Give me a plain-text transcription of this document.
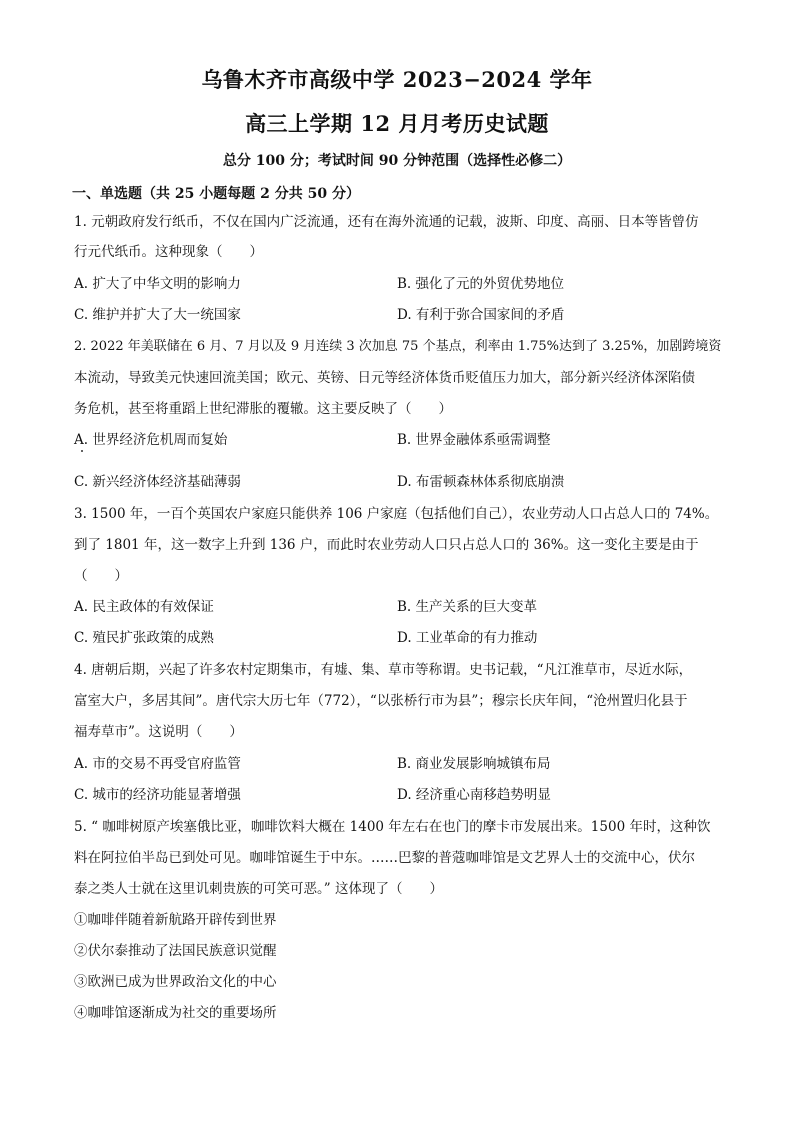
乌鲁木齐市高级中学 2023−2024 学年
高三上学期 12 月月考历史试题
总分 100 分；考试时间 90 分钟范围（选择性必修二）
一、单选题（共 25 小题每题 2 分共 50 分）
1. 元朝政府发行纸币，不仅在国内广泛流通，还有在海外流通的记载，波斯、印度、高丽、日本等皆曾仿
行元代纸币。这种现象（　　）
A. 扩大了中华文明的影响力	B. 强化了元的外贸优势地位
C. 维护并扩大了大一统国家	D. 有利于弥合国家间的矛盾
2. 2022 年美联储在 6 月、7 月以及 9 月连续 3 次加息 75 个基点，利率由 1.75%达到了 3.25%，加剧跨境资
本流动，导致美元快速回流美国；欧元、英镑、日元等经济体货币贬值压力加大，部分新兴经济体深陷债
务危机，甚至将重蹈上世纪滞胀的覆辙。这主要反映了（　　）
A. 世界经济危机周而复始	B. 世界金融体系亟需调整
C. 新兴经济体经济基础薄弱	D. 布雷顿森林体系彻底崩溃
3. 1500 年，一百个英国农户家庭只能供养 106 户家庭（包括他们自己），农业劳动人口占总人口的 74%。
到了 1801 年，这一数字上升到 136 户，而此时农业劳动人口只占总人口的 36%。这一变化主要是由于
（　　）
A. 民主政体的有效保证	B. 生产关系的巨大变革
C. 殖民扩张政策的成熟	D. 工业革命的有力推动
4. 唐朝后期，兴起了许多农村定期集市，有墟、集、草市等称谓。史书记载，“凡江淮草市，尽近水际，
富室大户，多居其间”。唐代宗大历七年（772），“以张桥行市为县”；穆宗长庆年间，“沧州置归化县于
福寿草市”。这说明（　　）
A. 市的交易不再受官府监管	B. 商业发展影响城镇布局
C. 城市的经济功能显著增强	D. 经济重心南移趋势明显
5. “ 咖啡树原产埃塞俄比亚，咖啡饮料大概在 1400 年左右在也门的摩卡市发展出来。1500 年时，这种饮
料在阿拉伯半岛已到处可见。咖啡馆诞生于中东。……巴黎的普蔻咖啡馆是文艺界人士的交流中心，伏尔
泰之类人士就在这里讥刺贵族的可笑可恶。” 这体现了（　　）
①咖啡伴随着新航路开辟传到世界
②伏尔泰推动了法国民族意识觉醒
③欧洲已成为世界政治文化的中心
④咖啡馆逐渐成为社交的重要场所
